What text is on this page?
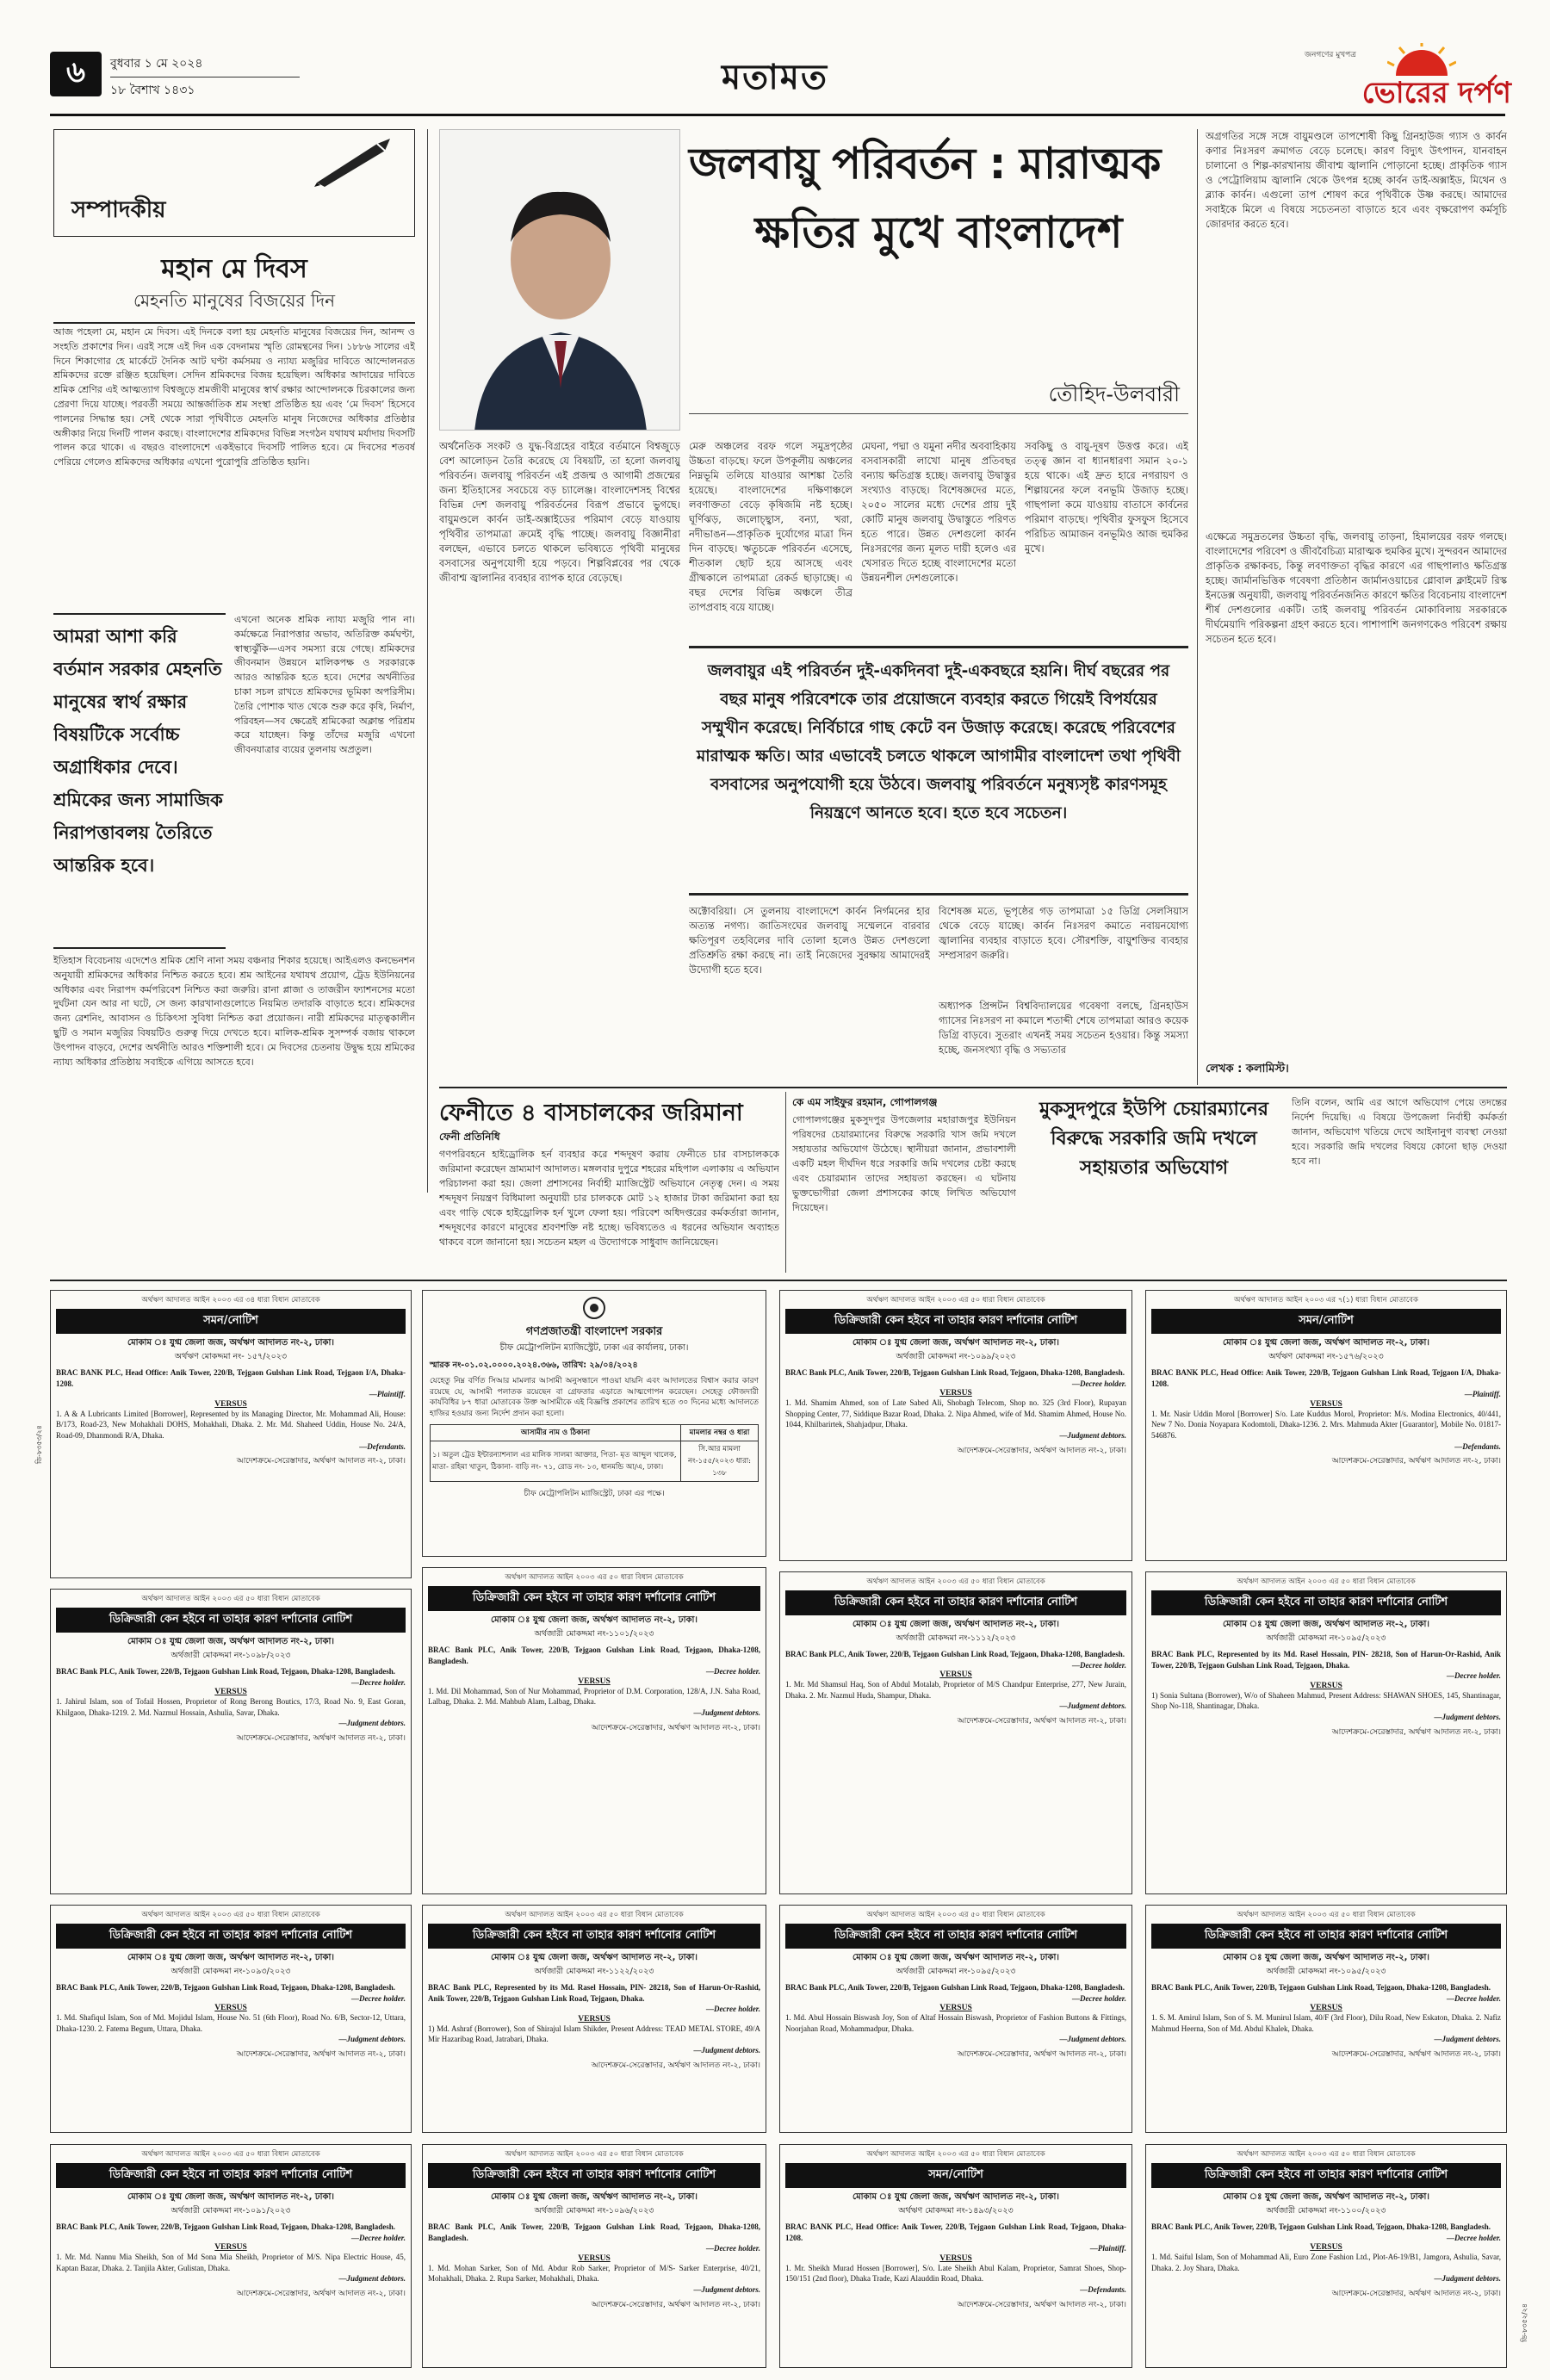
৬ বুধবার ১ মে ২০২৪
১৮ বৈশাখ ১৪৩১	মতামত
জনগণের মুখপত্র
ভোরের দর্পণ
সম্পাদকীয়
মহান মে দিবস
মেহনতি মানুষের বিজয়ের দিন
আজ পহেলা মে, মহান মে দিবস। এই দিনকে বলা হয় মেহনতি মানুষের বিজয়ের দিন, আনন্দ ও সংহতি প্রকাশের দিন। এরই সঙ্গে এই দিন এক বেদনাময় স্মৃতি রোমন্থনের দিন। ১৮৮৬ সালের এই দিনে শিকাগোর হে মার্কেটে দৈনিক আট ঘণ্টা কর্মসময় ও ন্যায্য মজুরির দাবিতে আন্দোলনরত শ্রমিকদের রক্তে রঞ্জিত হয়েছিল। সেদিন শ্রমিকদের বিজয় হয়েছিল। অধিকার আদায়ের দাবিতে শ্রমিক শ্রেণির এই আত্মত্যাগ বিশ্বজুড়ে শ্রমজীবী মানুষের স্বার্থ রক্ষার আন্দোলনকে চিরকালের জন্য প্রেরণা দিয়ে যাচ্ছে। পরবর্তী সময়ে আন্তর্জাতিক শ্রম সংস্থা প্রতিষ্ঠিত হয় এবং ‘মে দিবস’ হিসেবে পালনের সিদ্ধান্ত হয়। সেই থেকে সারা পৃথিবীতে মেহনতি মানুষ নিজেদের অধিকার প্রতিষ্ঠার অঙ্গীকার নিয়ে দিনটি পালন করছে। বাংলাদেশের শ্রমিকদের বিভিন্ন সংগঠন যথাযথ মর্যাদায় দিবসটি পালন করে থাকে। এ বছরও বাংলাদেশে একইভাবে দিবসটি পালিত হবে। মে দিবসের শতবর্ষ পেরিয়ে গেলেও শ্রমিকদের অধিকার এখনো পুরোপুরি প্রতিষ্ঠিত হয়নি।
আমরা আশা করি বর্তমান সরকার মেহনতি মানুষের স্বার্থ রক্ষার বিষয়টিকে সর্বোচ্চ অগ্রাধিকার দেবে। শ্রমিকের জন্য সামাজিক নিরাপত্তাবলয় তৈরিতে আন্তরিক হবে।
এখনো অনেক শ্রমিক ন্যায্য মজুরি পান না। কর্মক্ষেত্রে নিরাপত্তার অভাব, অতিরিক্ত কর্মঘণ্টা, স্বাস্থ্যঝুঁকি—এসব সমস্যা রয়ে গেছে। শ্রমিকদের জীবনমান উন্নয়নে মালিকপক্ষ ও সরকারকে আরও আন্তরিক হতে হবে। দেশের অর্থনীতির চাকা সচল রাখতে শ্রমিকদের ভূমিকা অপরিসীম। তৈরি পোশাক খাত থেকে শুরু করে কৃষি, নির্মাণ, পরিবহন—সব ক্ষেত্রেই শ্রমিকেরা অক্লান্ত পরিশ্রম করে যাচ্ছেন। কিন্তু তাঁদের মজুরি এখনো জীবনযাত্রার ব্যয়ের তুলনায় অপ্রতুল।
ইতিহাস বিবেচনায় এদেশেও শ্রমিক শ্রেণি নানা সময় বঞ্চনার শিকার হয়েছে। আইএলও কনভেনশন অনুযায়ী শ্রমিকদের অধিকার নিশ্চিত করতে হবে। শ্রম আইনের যথাযথ প্রয়োগ, ট্রেড ইউনিয়নের অধিকার এবং নিরাপদ কর্মপরিবেশ নিশ্চিত করা জরুরি। রানা প্লাজা ও তাজরীন ফ্যাশনসের মতো দুর্ঘটনা যেন আর না ঘটে, সে জন্য কারখানাগুলোতে নিয়মিত তদারকি বাড়াতে হবে। শ্রমিকদের জন্য রেশনিং, আবাসন ও চিকিৎসা সুবিধা নিশ্চিত করা প্রয়োজন। নারী শ্রমিকদের মাতৃত্বকালীন ছুটি ও সমান মজুরির বিষয়টিও গুরুত্ব দিয়ে দেখতে হবে। মালিক-শ্রমিক সুসম্পর্ক বজায় থাকলে উৎপাদন বাড়বে, দেশের অর্থনীতি আরও শক্তিশালী হবে। মে দিবসের চেতনায় উদ্বুদ্ধ হয়ে শ্রমিকের ন্যায্য অধিকার প্রতিষ্ঠায় সবাইকে এগিয়ে আসতে হবে।
জলবায়ু পরিবর্তন : মারাত্মক
ক্ষতির মুখে বাংলাদেশ
তৌহিদ-উলবারী
অর্থনৈতিক সংকট ও যুদ্ধ-বিগ্রহের বাইরে বর্তমানে বিশ্বজুড়ে বেশ আলোড়ন তৈরি করেছে যে বিষয়টি, তা হলো জলবায়ু পরিবর্তন। জলবায়ু পরিবর্তন এই প্রজন্ম ও আগামী প্রজন্মের জন্য ইতিহাসের সবচেয়ে বড় চ্যালেঞ্জ। বাংলাদেশসহ বিশ্বের বিভিন্ন দেশ জলবায়ু পরিবর্তনের বিরূপ প্রভাবে ভুগছে। বায়ুমণ্ডলে কার্বন ডাই-অক্সাইডের পরিমাণ বেড়ে যাওয়ায় পৃথিবীর তাপমাত্রা ক্রমেই বৃদ্ধি পাচ্ছে। জলবায়ু বিজ্ঞানীরা বলছেন, এভাবে চলতে থাকলে ভবিষ্যতে পৃথিবী মানুষের বসবাসের অনুপযোগী হয়ে পড়বে। শিল্পবিপ্লবের পর থেকে জীবাশ্ম জ্বালানির ব্যবহার ব্যাপক হারে বেড়েছে।
মেরু অঞ্চলের বরফ গলে সমুদ্রপৃষ্ঠের উচ্চতা বাড়ছে। ফলে উপকূলীয় অঞ্চলের নিম্নভূমি তলিয়ে যাওয়ার আশঙ্কা তৈরি হয়েছে। বাংলাদেশের দক্ষিণাঞ্চলে লবণাক্ততা বেড়ে কৃষিজমি নষ্ট হচ্ছে। ঘূর্ণিঝড়, জলোচ্ছ্বাস, বন্যা, খরা, নদীভাঙন—প্রাকৃতিক দুর্যোগের মাত্রা দিন দিন বাড়ছে। ঋতুচক্রে পরিবর্তন এসেছে, শীতকাল ছোট হয়ে আসছে এবং গ্রীষ্মকালে তাপমাত্রা রেকর্ড ছাড়াচ্ছে। এ বছর দেশের বিভিন্ন অঞ্চলে তীব্র তাপপ্রবাহ বয়ে যাচ্ছে।
মেঘনা, পদ্মা ও যমুনা নদীর অববাহিকায় বসবাসকারী লাখো মানুষ প্রতিবছর বন্যায় ক্ষতিগ্রস্ত হচ্ছে। জলবায়ু উদ্বাস্তুর সংখ্যাও বাড়ছে। বিশেষজ্ঞদের মতে, ২০৫০ সালের মধ্যে দেশের প্রায় দুই কোটি মানুষ জলবায়ু উদ্বাস্তুতে পরিণত হতে পারে। উন্নত দেশগুলো কার্বন নিঃসরণের জন্য মূলত দায়ী হলেও এর খেসারত দিতে হচ্ছে বাংলাদেশের মতো উন্নয়নশীল দেশগুলোকে।
সবকিছু ও বায়ু-দূষণ উত্তপ্ত করে। এই তত্ত্ব জ্ঞান বা ধ্যানধারণা সমান ২০-১ হয়ে থাকে। এই দ্রুত হারে নগরায়ণ ও শিল্পায়নের ফলে বনভূমি উজাড় হচ্ছে। গাছপালা কমে যাওয়ায় বাতাসে কার্বনের পরিমাণ বাড়ছে। পৃথিবীর ফুসফুস হিসেবে পরিচিত আমাজন বনভূমিও আজ হুমকির মুখে।
জলবায়ুর এই পরিবর্তন দুই-একদিনবা দুই-একবছরে হয়নি। দীর্ঘ বছরের পর বছর মানুষ পরিবেশকে তার প্রয়োজনে ব্যবহার করতে গিয়েই বিপর্যয়ের সম্মুখীন করেছে। নির্বিচারে গাছ কেটে বন উজাড় করেছে। করেছে পরিবেশের মারাত্মক ক্ষতি। আর এভাবেই চলতে থাকলে আগামীর বাংলাদেশ তথা পৃথিবী বসবাসের অনুপযোগী হয়ে উঠবে। জলবায়ু পরিবর্তনে মনুষ্যসৃষ্ট কারণসমূহ নিয়ন্ত্রণে আনতে হবে। হতে হবে সচেতন।
অক্টোবরিয়া। সে তুলনায় বাংলাদেশে কার্বন নির্গমনের হার অত্যন্ত নগণ্য। জাতিসংঘের জলবায়ু সম্মেলনে বারবার ক্ষতিপূরণ তহবিলের দাবি তোলা হলেও উন্নত দেশগুলো প্রতিশ্রুতি রক্ষা করছে না। তাই নিজেদের সুরক্ষায় আমাদেরই উদ্যোগী হতে হবে।
বিশেষজ্ঞ মতে, ভূপৃষ্ঠের গড় তাপমাত্রা ১৫ ডিগ্রি সেলসিয়াস থেকে বেড়ে যাচ্ছে। কার্বন নিঃসরণ কমাতে নবায়নযোগ্য জ্বালানির ব্যবহার বাড়াতে হবে। সৌরশক্তি, বায়ুশক্তির ব্যবহার সম্প্রসারণ জরুরি।
অধ্যাপক প্রিন্সটন বিশ্ববিদ্যালয়ের গবেষণা বলছে, গ্রিনহাউস গ্যাসের নিঃসরণ না কমালে শতাব্দী শেষে তাপমাত্রা আরও কয়েক ডিগ্রি বাড়বে। সুতরাং এখনই সময় সচেতন হওয়ার। কিন্তু সমস্যা হচ্ছে, জনসংখ্যা বৃদ্ধি ও সভ্যতার
অগ্রগতির সঙ্গে সঙ্গে বায়ুমণ্ডলে তাপশোষী কিছু গ্রিনহাউজ গ্যাস ও কার্বন কণার নিঃসরণ ক্রমাগত বেড়ে চলেছে। কারণ বিদ্যুৎ উৎপাদন, যানবাহন চালানো ও শিল্প-কারখানায় জীবাশ্ম জ্বালানি পোড়ানো হচ্ছে। প্রাকৃতিক গ্যাস ও পেট্রোলিয়াম জ্বালানি থেকে উৎপন্ন হচ্ছে কার্বন ডাই-অক্সাইড, মিথেন ও ব্ল্যাক কার্বন। এগুলো তাপ শোষণ করে পৃথিবীকে উষ্ণ করছে। আমাদের সবাইকে মিলে এ বিষয়ে সচেতনতা বাড়াতে হবে এবং বৃক্ষরোপণ কর্মসূচি জোরদার করতে হবে।
এক্ষেত্রে সমুদ্রতলের উচ্চতা বৃদ্ধি, জলবায়ু তাড়না, হিমালয়ের বরফ গলছে। বাংলাদেশের পরিবেশ ও জীববৈচিত্র্য মারাত্মক হুমকির মুখে। সুন্দরবন আমাদের প্রাকৃতিক রক্ষাকবচ, কিন্তু লবণাক্ততা বৃদ্ধির কারণে এর গাছপালাও ক্ষতিগ্রস্ত হচ্ছে। জার্মানভিত্তিক গবেষণা প্রতিষ্ঠান জার্মানওয়াচের গ্লোবাল ক্লাইমেট রিস্ক ইনডেক্স অনুযায়ী, জলবায়ু পরিবর্তনজনিত কারণে ক্ষতির বিবেচনায় বাংলাদেশ শীর্ষ দেশগুলোর একটি। তাই জলবায়ু পরিবর্তন মোকাবিলায় সরকারকে দীর্ঘমেয়াদি পরিকল্পনা গ্রহণ করতে হবে। পাশাপাশি জনগণকেও পরিবেশ রক্ষায় সচেতন হতে হবে।
লেখক : কলামিস্ট।
ফেনীতে ৪ বাসচালকের জরিমানা
ফেনী প্রতিনিধি
গণপরিবহনে হাইড্রোলিক হর্ন ব্যবহার করে শব্দদূষণ করায় ফেনীতে চার বাসচালককে জরিমানা করেছেন ভ্রাম্যমাণ আদালত। মঙ্গলবার দুপুরে শহরের মহিপাল এলাকায় এ অভিযান পরিচালনা করা হয়। জেলা প্রশাসনের নির্বাহী ম্যাজিস্ট্রেট অভিযানে নেতৃত্ব দেন। এ সময় শব্দদূষণ নিয়ন্ত্রণ বিধিমালা অনুযায়ী চার চালককে মোট ১২ হাজার টাকা জরিমানা করা হয় এবং গাড়ি থেকে হাইড্রোলিক হর্ন খুলে ফেলা হয়। পরিবেশ অধিদপ্তরের কর্মকর্তারা জানান, শব্দদূষণের কারণে মানুষের শ্রবণশক্তি নষ্ট হচ্ছে। ভবিষ্যতেও এ ধরনের অভিযান অব্যাহত থাকবে বলে জানানো হয়। সচেতন মহল এ উদ্যোগকে সাধুবাদ জানিয়েছেন।
কে এম সাইফুর রহমান, গোপালগঞ্জ
গোপালগঞ্জের মুকসুদপুর উপজেলার মহারাজপুর ইউনিয়ন পরিষদের চেয়ারম্যানের বিরুদ্ধে সরকারি খাস জমি দখলে সহায়তার অভিযোগ উঠেছে। স্থানীয়রা জানান, প্রভাবশালী একটি মহল দীর্ঘদিন ধরে সরকারি জমি দখলের চেষ্টা করছে এবং চেয়ারম্যান তাদের সহায়তা করছেন। এ ঘটনায় ভুক্তভোগীরা জেলা প্রশাসকের কাছে লিখিত অভিযোগ দিয়েছেন।
মুকসুদপুরে ইউপি চেয়ারম্যানের বিরুদ্ধে সরকারি জমি দখলে সহায়তার অভিযোগ
তিনি বলেন, আমি এর আগে অভিযোগ পেয়ে তদন্তের নির্দেশ দিয়েছি। এ বিষয়ে উপজেলা নির্বাহী কর্মকর্তা জানান, অভিযোগ খতিয়ে দেখে আইনানুগ ব্যবস্থা নেওয়া হবে। সরকারি জমি দখলের বিষয়ে কোনো ছাড় দেওয়া হবে না।
গণপ্রজাতন্ত্রী বাংলাদেশ সরকার
চীফ মেট্রোপলিটন ম্যাজিস্ট্রেট, ঢাকা এর কার্যালয়, ঢাকা।
স্মারক নং-০১.০২.০০০০.২০২৪.৩৬৬, তারিখ: ২৯/০৪/২০২৪
যেহেতু নিম্ন বর্ণিত সিআর মামলার আসামী অনুসন্ধানে পাওয়া যায়নি এবং আদালতের বিশ্বাস করার কারণ রয়েছে যে, আসামী পলাতক রয়েছেন বা গ্রেফতার এড়াতে আত্মগোপন করেছেন। সেহেতু ফৌজদারী কার্যবিধির ৮৭ ধারা মোতাবেক উক্ত আসামীকে এই বিজ্ঞপ্তি প্রকাশের তারিখ হতে ৩০ দিনের মধ্যে আদালতে হাজির হওয়ার জন্য নির্দেশ প্রদান করা হলো।
আসামীর নাম ও ঠিকানা	মামলার নম্বর ও ধারা
১। অতুল ট্রেড ইন্টারন্যাশনাল এর মালিক সালমা আক্তার, পিতা- মৃত আব্দুল খালেক, মাতা- রহিমা খাতুন, ঠিকানা- বাড়ি নং- ৭১, রোড নং- ১৩, ধানমন্ডি আ/এ, ঢাকা।	সি.আর মামলা নং-১৫৫/২০২৩ ধারা: ১৩৮
চীফ মেট্রোপলিটন ম্যাজিস্ট্রেট, ঢাকা এর পক্ষে।
অর্থঋণ আদালত আইন ২০০৩ এর ৩৪ ধারা বিধান মোতাবেক
সমন/নোটিশ
মোকাম ঃ যুগ্ম জেলা জজ, অর্থঋণ আদালত নং-২, ঢাকা।
অর্থঋণ মোকদ্দমা নং- ১৫৭/২০২৩
BRAC BANK PLC, Head Office: Anik Tower, 220/B, Tejgaon Gulshan Link Road, Tejgaon I/A, Dhaka-1208.
—Plaintiff.
VERSUS
1. A & A Lubricants Limited [Borrower], Represented by its Managing Director, Mr. Mohammad Ali, House: B/173, Road-23, New Mohakhali DOHS, Mohakhali, Dhaka. 2. Mr. Md. Shaheed Uddin, House No. 24/A, Road-09, Dhanmondi R/A, Dhaka.
—Defendants.
আদেশক্রমে-সেরেস্তাদার, অর্থঋণ আদালত নং-২, ঢাকা।
অর্থঋণ আদালত আইন ২০০৩ এর ৫০ ধারা বিধান মোতাবেক
ডিক্রিজারী কেন হইবে না তাহার কারণ দর্শানোর নোটিশ
মোকাম ঃ যুগ্ম জেলা জজ, অর্থঋণ আদালত নং-২, ঢাকা।
অর্থজারী মোকদ্দমা নং-১০৯৯/২০২৩
BRAC Bank PLC, Anik Tower, 220/B, Tejgaon Gulshan Link Road, Tejgaon, Dhaka-1208, Bangladesh.
—Decree holder.
VERSUS
1. Md. Shamim Ahmed, son of Late Sabed Ali, Shobagh Telecom, Shop no. 325 (3rd Floor), Rupayan Shopping Center, 77, Siddique Bazar Road, Dhaka. 2. Nipa Ahmed, wife of Md. Shamim Ahmed, House No. 1044, Khilbarirtek, Shahjadpur, Dhaka.
—Judgment debtors.
আদেশক্রমে-সেরেস্তাদার, অর্থঋণ আদালত নং-২, ঢাকা।
অর্থঋণ আদালত আইন ২০০৩ এর ৭(১) ধারা বিধান মোতাবেক
সমন/নোটিশ
মোকাম ঃ যুগ্ম জেলা জজ, অর্থঋণ আদালত নং-২, ঢাকা।
অর্থঋণ মোকদ্দমা নং-১৫৭৬/২০২৩
BRAC BANK PLC, Head Office: Anik Tower, 220/B, Tejgaon Gulshan Link Road, Tejgaon I/A, Dhaka-1208.
—Plaintiff.
VERSUS
1. Mr. Nasir Uddin Morol [Borrower] S/o. Late Kuddus Morol, Proprietor: M/s. Modina Electronics, 40/441, New 7 No. Donia Noyapara Kodomtoli, Dhaka-1236. 2. Mrs. Mahmuda Akter [Guarantor], Mobile No. 01817-546876.
—Defendants.
আদেশক্রমে-সেরেস্তাদার, অর্থঋণ আদালত নং-২, ঢাকা।
অর্থঋণ আদালত আইন ২০০৩ এর ৫০ ধারা বিধান মোতাবেক
ডিক্রিজারী কেন হইবে না তাহার কারণ দর্শানোর নোটিশ
মোকাম ঃ যুগ্ম জেলা জজ, অর্থঋণ আদালত নং-২, ঢাকা।
অর্থজারী মোকদ্দমা নং-১০৯৮/২০২৩
BRAC Bank PLC, Anik Tower, 220/B, Tejgaon Gulshan Link Road, Tejgaon, Dhaka-1208, Bangladesh.
—Decree holder.
VERSUS
1. Jahirul Islam, son of Tofail Hossen, Proprietor of Rong Berong Boutics, 17/3, Road No. 9, East Goran, Khilgaon, Dhaka-1219. 2. Md. Nazmul Hossain, Ashulia, Savar, Dhaka.
—Judgment debtors.
আদেশক্রমে-সেরেস্তাদার, অর্থঋণ আদালত নং-২, ঢাকা।
অর্থঋণ আদালত আইন ২০০৩ এর ৫০ ধারা বিধান মোতাবেক
ডিক্রিজারী কেন হইবে না তাহার কারণ দর্শানোর নোটিশ
মোকাম ঃ যুগ্ম জেলা জজ, অর্থঋণ আদালত নং-২, ঢাকা।
অর্থজারী মোকদ্দমা নং-১১০১/২০২৩
BRAC Bank PLC, Anik Tower, 220/B, Tejgaon Gulshan Link Road, Tejgaon, Dhaka-1208, Bangladesh.
—Decree holder.
VERSUS
1. Md. Dil Mohammad, Son of Nur Mohammad, Proprietor of D.M. Corporation, 128/A, J.N. Saha Road, Lalbag, Dhaka. 2. Md. Mahbub Alam, Lalbag, Dhaka.
—Judgment debtors.
আদেশক্রমে-সেরেস্তাদার, অর্থঋণ আদালত নং-২, ঢাকা।
অর্থঋণ আদালত আইন ২০০৩ এর ৫০ ধারা বিধান মোতাবেক
ডিক্রিজারী কেন হইবে না তাহার কারণ দর্শানোর নোটিশ
মোকাম ঃ যুগ্ম জেলা জজ, অর্থঋণ আদালত নং-২, ঢাকা।
অর্থজারী মোকদ্দমা নং-১১১২/২০২৩
BRAC Bank PLC, Anik Tower, 220/B, Tejgaon Gulshan Link Road, Tejgaon, Dhaka-1208, Bangladesh.
—Decree holder.
VERSUS
1. Mr. Md Shamsul Haq, Son of Abdul Motalab, Proprietor of M/S Chandpur Enterprise, 277, New Jurain, Dhaka. 2. Mr. Nazmul Huda, Shampur, Dhaka.
—Judgment debtors.
আদেশক্রমে-সেরেস্তাদার, অর্থঋণ আদালত নং-২, ঢাকা।
অর্থঋণ আদালত আইন ২০০৩ এর ৫০ ধারা বিধান মোতাবেক
ডিক্রিজারী কেন হইবে না তাহার কারণ দর্শানোর নোটিশ
মোকাম ঃ যুগ্ম জেলা জজ, অর্থঋণ আদালত নং-২, ঢাকা।
অর্থজারী মোকদ্দমা নং-১০৯৫/২০২৩
BRAC Bank PLC, Represented by its Md. Rasel Hossain, PIN- 28218, Son of Harun-Or-Rashid, Anik Tower, 220/B, Tejgaon Gulshan Link Road, Tejgaon, Dhaka.
—Decree holder.
VERSUS
1) Sonia Sultana (Borrower), W/o of Shaheen Mahmud, Present Address: SHAWAN SHOES, 145, Shantinagar, Shop No-118, Shantinagar, Dhaka.
—Judgment debtors.
আদেশক্রমে-সেরেস্তাদার, অর্থঋণ আদালত নং-২, ঢাকা।
অর্থঋণ আদালত আইন ২০০৩ এর ৫০ ধারা বিধান মোতাবেক
ডিক্রিজারী কেন হইবে না তাহার কারণ দর্শানোর নোটিশ
মোকাম ঃ যুগ্ম জেলা জজ, অর্থঋণ আদালত নং-২, ঢাকা।
অর্থজারী মোকদ্দমা নং-১০৯৩/২০২৩
BRAC Bank PLC, Anik Tower, 220/B, Tejgaon Gulshan Link Road, Tejgaon, Dhaka-1208, Bangladesh.
—Decree holder.
VERSUS
1. Md. Shafiqul Islam, Son of Md. Mojidul Islam, House No. 51 (6th Floor), Road No. 6/B, Sector-12, Uttara, Dhaka-1230. 2. Fatema Begum, Uttara, Dhaka.
—Judgment debtors.
আদেশক্রমে-সেরেস্তাদার, অর্থঋণ আদালত নং-২, ঢাকা।
অর্থঋণ আদালত আইন ২০০৩ এর ৫০ ধারা বিধান মোতাবেক
ডিক্রিজারী কেন হইবে না তাহার কারণ দর্শানোর নোটিশ
মোকাম ঃ যুগ্ম জেলা জজ, অর্থঋণ আদালত নং-২, ঢাকা।
অর্থজারী মোকদ্দমা নং-১১২২/২০২৩
BRAC Bank PLC, Represented by its Md. Rasel Hossain, PIN- 28218, Son of Harun-Or-Rashid, Anik Tower, 220/B, Tejgaon Gulshan Link Road, Tejgaon, Dhaka.
—Decree holder.
VERSUS
1) Md. Ashraf (Borrower), Son of Shirajul Islam Shikder, Present Address: TEAD METAL STORE, 49/A Mir Hazaribag Road, Jatrabari, Dhaka.
—Judgment debtors.
আদেশক্রমে-সেরেস্তাদার, অর্থঋণ আদালত নং-২, ঢাকা।
অর্থঋণ আদালত আইন ২০০৩ এর ৫০ ধারা বিধান মোতাবেক
ডিক্রিজারী কেন হইবে না তাহার কারণ দর্শানোর নোটিশ
মোকাম ঃ যুগ্ম জেলা জজ, অর্থঋণ আদালত নং-২, ঢাকা।
অর্থজারী মোকদ্দমা নং-১০৯৫/২০২৩
BRAC Bank PLC, Anik Tower, 220/B, Tejgaon Gulshan Link Road, Tejgaon, Dhaka-1208, Bangladesh.
—Decree holder.
VERSUS
1. Md. Abul Hossain Biswash Joy, Son of Altaf Hossain Biswash, Proprietor of Fashion Buttons & Fittings, Noorjahan Road, Mohammadpur, Dhaka.
—Judgment debtors.
আদেশক্রমে-সেরেস্তাদার, অর্থঋণ আদালত নং-২, ঢাকা।
অর্থঋণ আদালত আইন ২০০৩ এর ৫০ ধারা বিধান মোতাবেক
ডিক্রিজারী কেন হইবে না তাহার কারণ দর্শানোর নোটিশ
মোকাম ঃ যুগ্ম জেলা জজ, অর্থঋণ আদালত নং-২, ঢাকা।
অর্থজারী মোকদ্দমা নং-১০৯৫/২০২৩
BRAC Bank PLC, Anik Tower, 220/B, Tejgaon Gulshan Link Road, Tejgaon, Dhaka-1208, Bangladesh.
—Decree holder.
VERSUS
1. S. M. Amirul Islam, Son of S. M. Munirul Islam, 40/F (3rd Floor), Dilu Road, New Eskaton, Dhaka. 2. Nafiz Mahmud Heerna, Son of Md. Abdul Khalek, Dhaka.
—Judgment debtors.
আদেশক্রমে-সেরেস্তাদার, অর্থঋণ আদালত নং-২, ঢাকা।
অর্থঋণ আদালত আইন ২০০৩ এর ৫০ ধারা বিধান মোতাবেক
ডিক্রিজারী কেন হইবে না তাহার কারণ দর্শানোর নোটিশ
মোকাম ঃ যুগ্ম জেলা জজ, অর্থঋণ আদালত নং-২, ঢাকা।
অর্থজারী মোকদ্দমা নং-১০৯১/২০২৩
BRAC Bank PLC, Anik Tower, 220/B, Tejgaon Gulshan Link Road, Tejgaon, Dhaka-1208, Bangladesh.
—Decree holder.
VERSUS
1. Mr. Md. Nannu Mia Sheikh, Son of Md Sona Mia Sheikh, Proprietor of M/S. Nipa Electric House, 45, Kaptan Bazar, Dhaka. 2. Tanjila Akter, Gulistan, Dhaka.
—Judgment debtors.
আদেশক্রমে-সেরেস্তাদার, অর্থঋণ আদালত নং-২, ঢাকা।
অর্থঋণ আদালত আইন ২০০৩ এর ৫০ ধারা বিধান মোতাবেক
ডিক্রিজারী কেন হইবে না তাহার কারণ দর্শানোর নোটিশ
মোকাম ঃ যুগ্ম জেলা জজ, অর্থঋণ আদালত নং-২, ঢাকা।
অর্থজারী মোকদ্দমা নং-১০৯৬/২০২৩
BRAC Bank PLC, Anik Tower, 220/B, Tejgaon Gulshan Link Road, Tejgaon, Dhaka-1208, Bangladesh.
—Decree holder.
VERSUS
1. Md. Mohan Sarker, Son of Md. Abdur Rob Sarker, Proprietor of M/S- Sarker Enterprise, 40/21, Mohakhali, Dhaka. 2. Rupa Sarker, Mohakhali, Dhaka.
—Judgment debtors.
আদেশক্রমে-সেরেস্তাদার, অর্থঋণ আদালত নং-২, ঢাকা।
অর্থঋণ আদালত আইন ২০০৩ এর ৫০ ধারা বিধান মোতাবেক
সমন/নোটিশ
মোকাম ঃ যুগ্ম জেলা জজ, অর্থঋণ আদালত নং-২, ঢাকা।
অর্থঋণ মোকদ্দমা নং-১৪৯৩/২০২৩
BRAC BANK PLC, Head Office: Anik Tower, 220/B, Tejgaon Gulshan Link Road, Tejgaon, Dhaka-1208.
—Plaintiff.
VERSUS
1. Mr. Sheikh Murad Hossen [Borrower], S/o. Late Sheikh Abul Kalam, Proprietor, Samrat Shoes, Shop-150/151 (2nd floor), Dhaka Trade, Kazi Alauddin Road, Dhaka.
—Defendants.
আদেশক্রমে-সেরেস্তাদার, অর্থঋণ আদালত নং-২, ঢাকা।
অর্থঋণ আদালত আইন ২০০৩ এর ৫০ ধারা বিধান মোতাবেক
ডিক্রিজারী কেন হইবে না তাহার কারণ দর্শানোর নোটিশ
মোকাম ঃ যুগ্ম জেলা জজ, অর্থঋণ আদালত নং-২, ঢাকা।
অর্থজারী মোকদ্দমা নং-১১০০/২০২৩
BRAC Bank PLC, Anik Tower, 220/B, Tejgaon Gulshan Link Road, Tejgaon, Dhaka-1208, Bangladesh.
—Decree holder.
VERSUS
1. Md. Saiful Islam, Son of Mohammad Ali, Euro Zone Fashion Ltd., Plot-A6-19/B1, Jamgora, Ashulia, Savar, Dhaka. 2. Joy Shara, Dhaka.
—Judgment debtors.
আদেশক্রমে-সেরেস্তাদার, অর্থঋণ আদালত নং-২, ঢাকা।
ডি-৮৩৫৩/২৪
ডি-৮৩৫২/২৪
